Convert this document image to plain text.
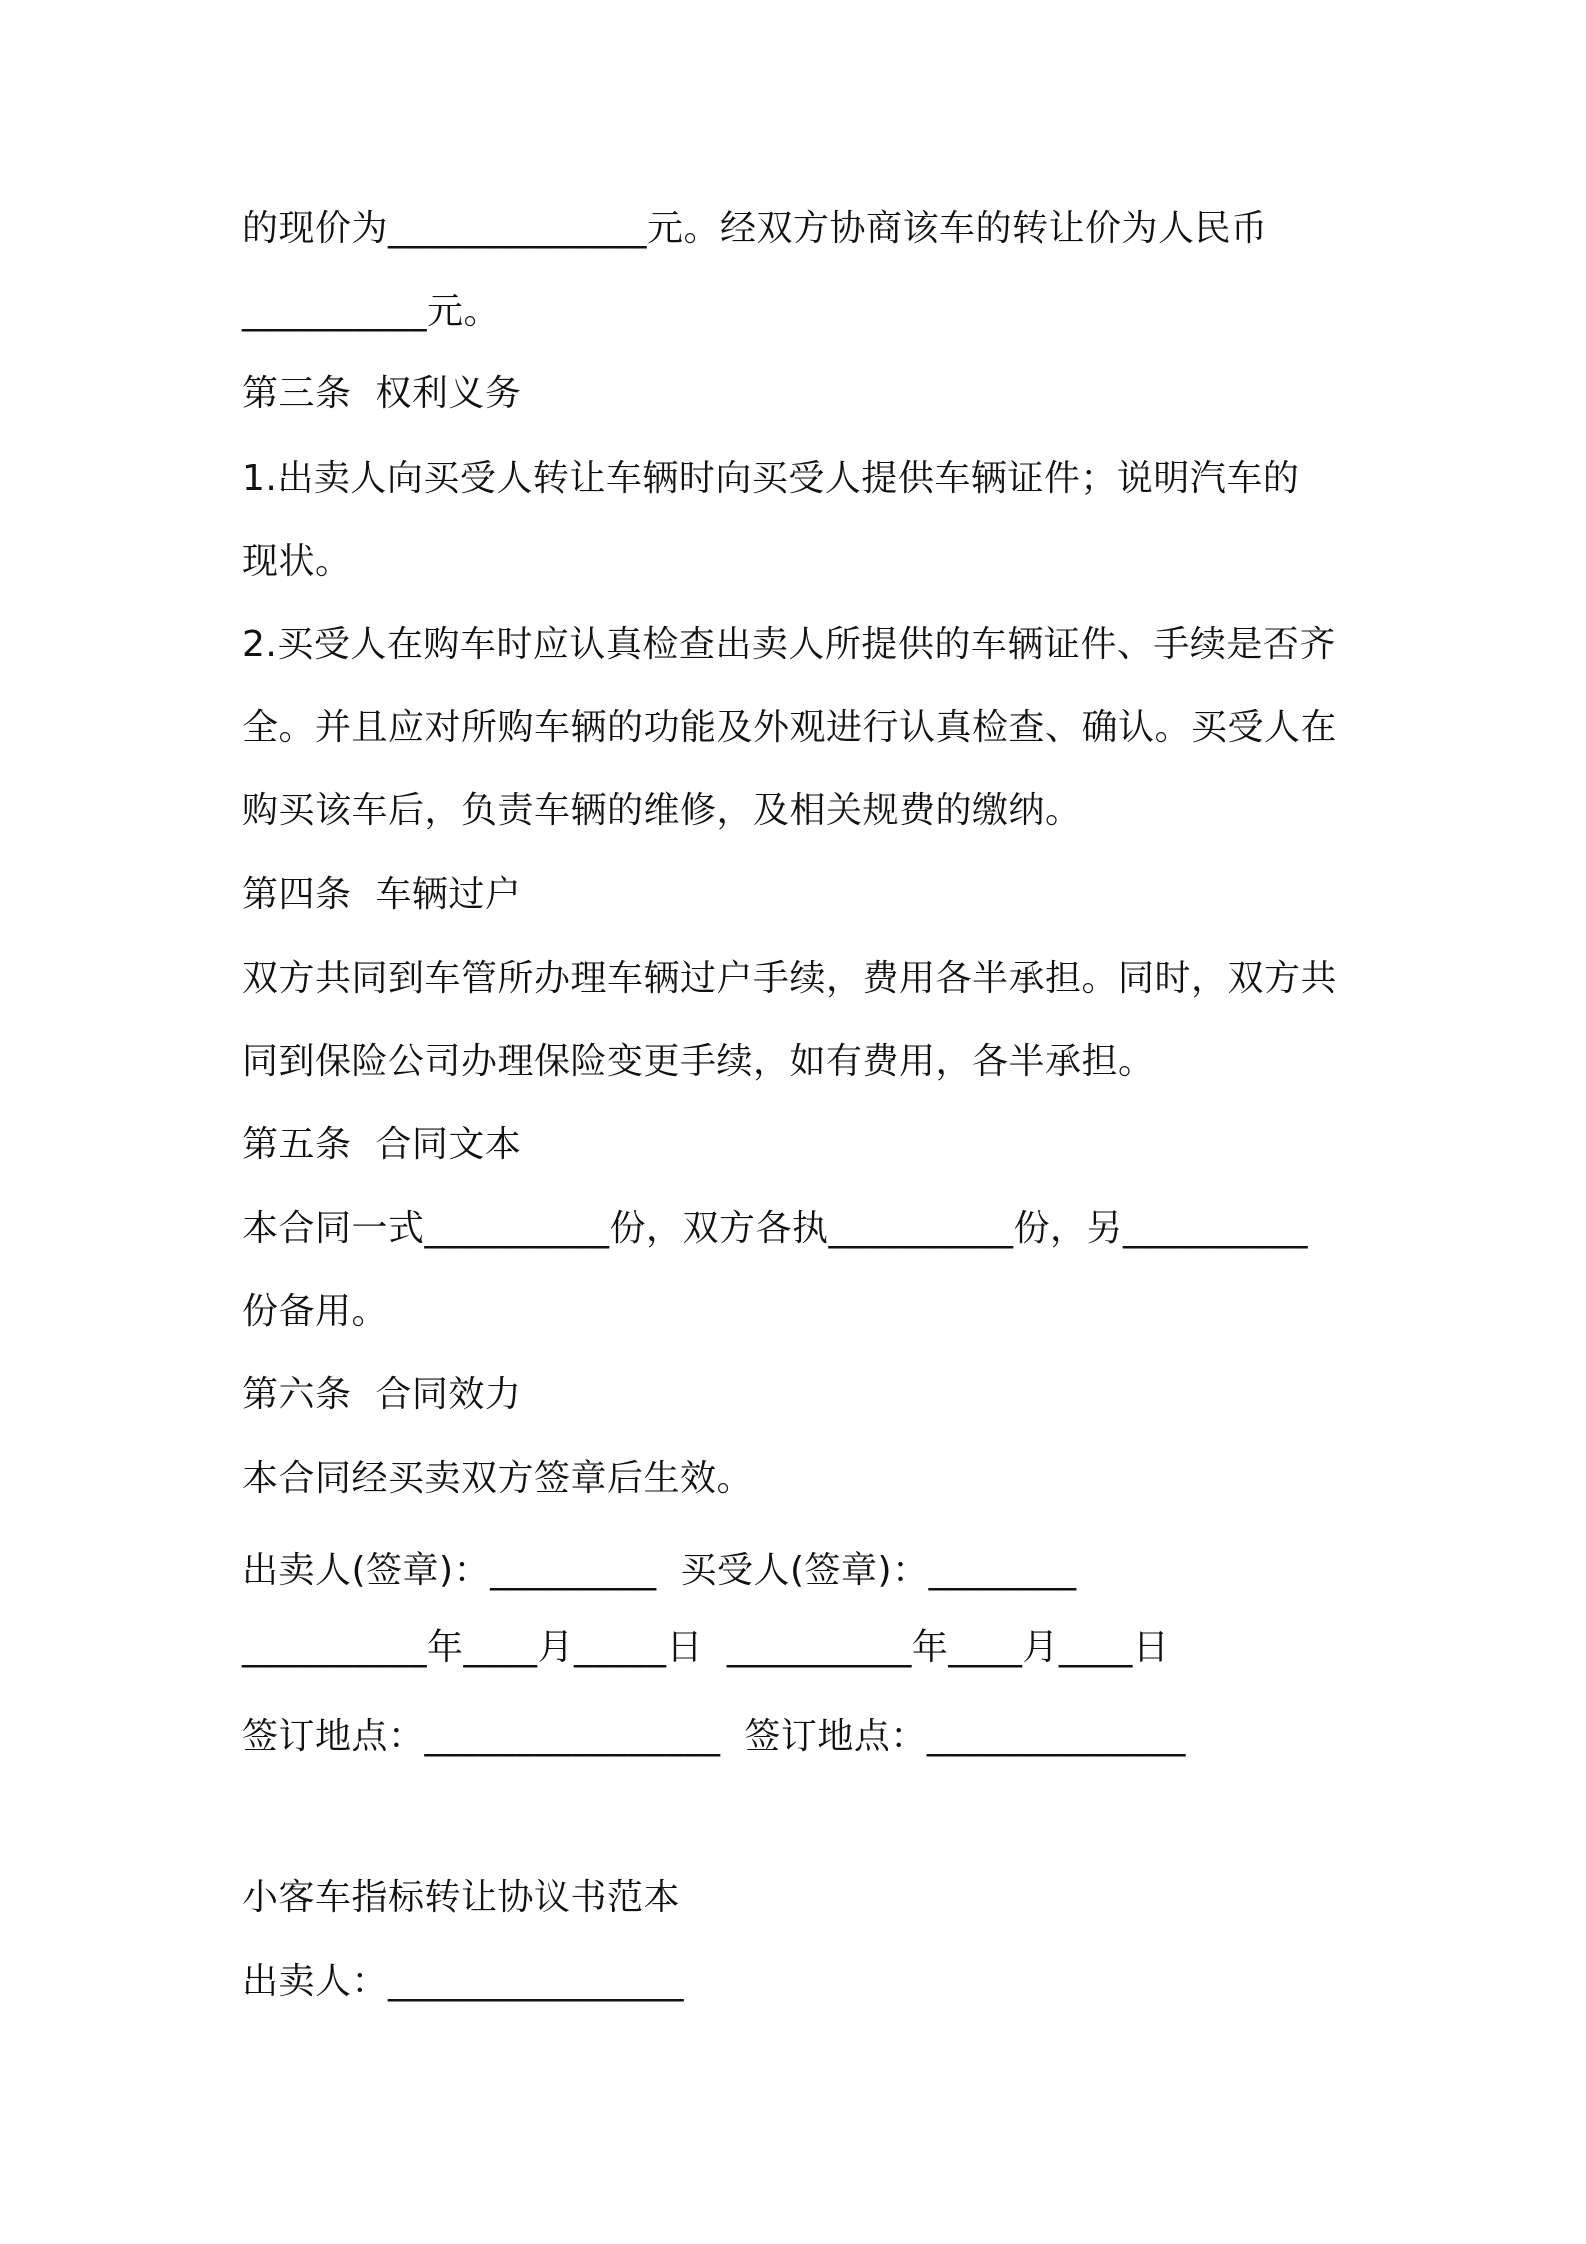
的现价为______________元。经双方协商该车的转让价为人民币
__________元。
第三条  权利义务
1.出卖人向买受人转让车辆时向买受人提供车辆证件；说明汽车的
现状。
2.买受人在购车时应认真检查出卖人所提供的车辆证件、手续是否齐
全。并且应对所购车辆的功能及外观进行认真检查、确认。买受人在
购买该车后，负责车辆的维修，及相关规费的缴纳。
第四条  车辆过户
双方共同到车管所办理车辆过户手续，费用各半承担。同时，双方共
同到保险公司办理保险变更手续，如有费用，各半承担。
第五条  合同文本
本合同一式__________份，双方各执__________份，另__________
份备用。
第六条  合同效力
本合同经买卖双方签章后生效。
出卖人(签章)：_________  买受人(签章)：________
__________年____月_____日  __________年____月____日
签订地点：________________  签订地点：______________
小客车指标转让协议书范本
出卖人：________________
